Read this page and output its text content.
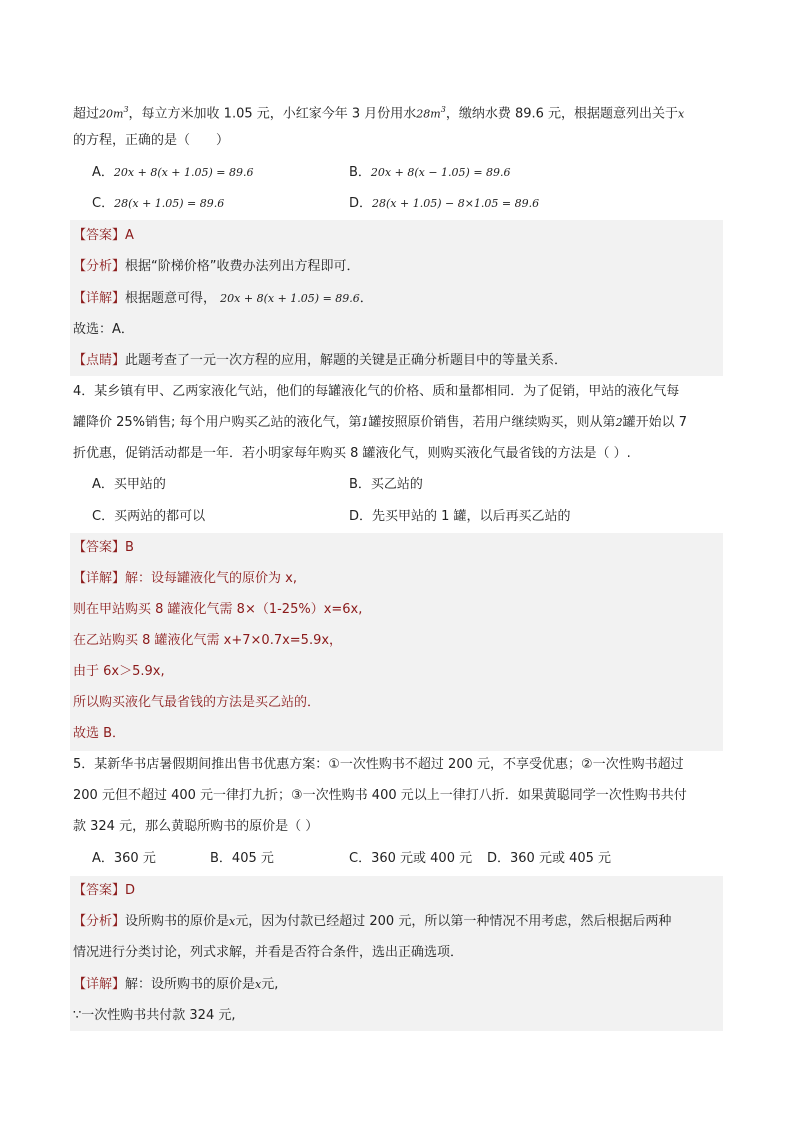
超过$20m^3$，每立方米加收 1.05 元，小红家今年 3 月份用水$28m^3$，缴纳水费 89.6 元，根据题意列出关于x
的方程，正确的是（　　）
A．20x + 8(x + 1.05) = 89.6	B．20x + 8(x − 1.05) = 89.6
C．28(x + 1.05) = 89.6	D．28(x + 1.05) − 8×1.05 = 89.6
【答案】A
【分析】根据“阶梯价格”收费办法列出方程即可．
【详解】根据题意可得， 20x + 8(x + 1.05) = 89.6．
故选：A．
【点睛】此题考查了一元一次方程的应用，解题的关键是正确分析题目中的等量关系．
4．某乡镇有甲、乙两家液化气站，他们的每罐液化气的价格、质和量都相同．为了促销，甲站的液化气每
罐降价 25%销售; 每个用户购买乙站的液化气，第1罐按照原价销售，若用户继续购买，则从第2罐开始以 7
折优惠，促销活动都是一年．若小明家每年购买 8 罐液化气，则购买液化气最省钱的方法是（ ）.
A．买甲站的	B．买乙站的
C．买两站的都可以	D．先买甲站的 1 罐，以后再买乙站的
【答案】B
【详解】解：设每罐液化气的原价为 x,
则在甲站购买 8 罐液化气需 8×（1-25%）x=6x,
在乙站购买 8 罐液化气需 x+7×0.7x=5.9x，
由于 6x＞5.9x,
所以购买液化气最省钱的方法是买乙站的．
故选 B．
5．某新华书店暑假期间推出售书优惠方案：①一次性购书不超过 200 元，不享受优惠；②一次性购书超过
200 元但不超过 400 元一律打九折；③一次性购书 400 元以上一律打八折．如果黄聪同学一次性购书共付
款 324 元，那么黄聪所购书的原价是（ ）
A．360 元	B．405 元	C．360 元或 400 元 D．360 元或 405 元
【答案】D
【分析】设所购书的原价是x元，因为付款已经超过 200 元，所以第一种情况不用考虑，然后根据后两种
情况进行分类讨论，列式求解，并看是否符合条件，选出正确选项．
【详解】解：设所购书的原价是x元,
∵一次性购书共付款 324 元,
